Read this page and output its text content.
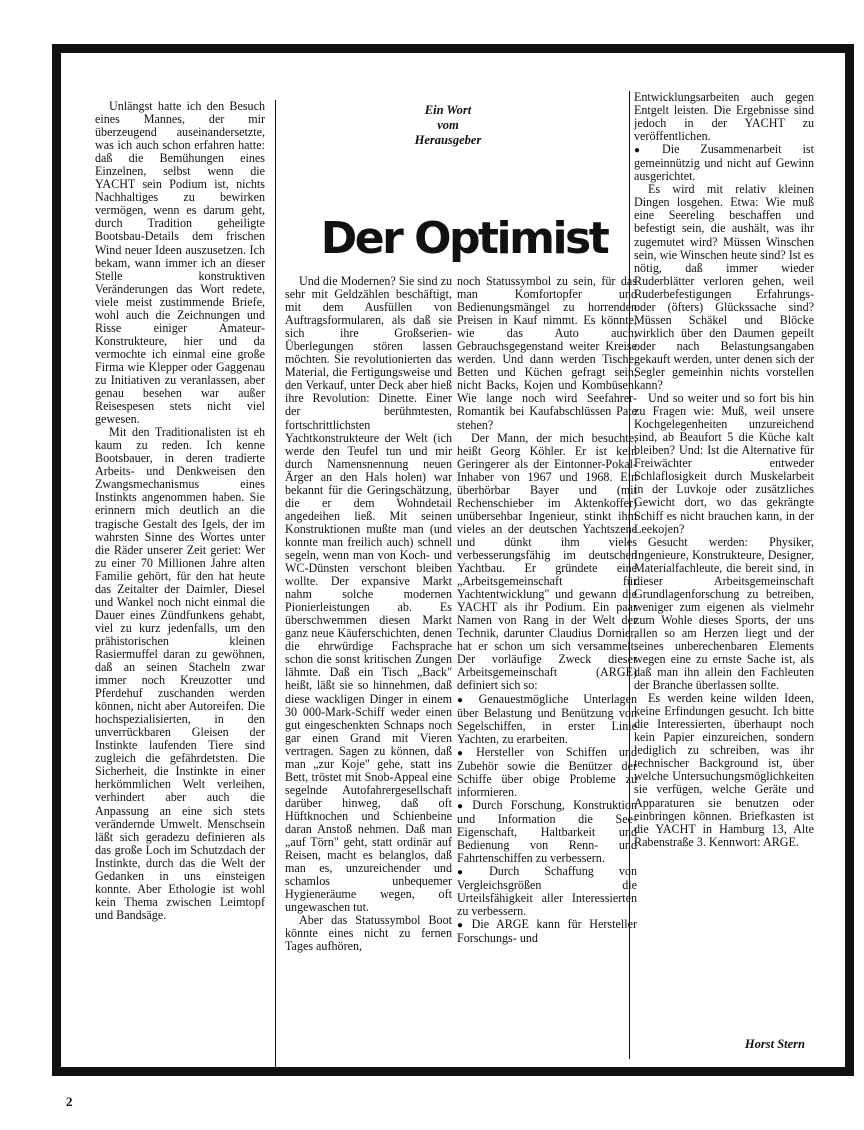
Ein Wort
vom
Herausgeber
Der Optimist

Unlängst hatte ich den Besuch eines Mannes, der mir überzeugend auseinandersetzte, was ich auch schon erfahren hatte: daß die Bemühungen eines Einzelnen, selbst wenn die YACHT sein Podium ist, nichts Nachhaltiges zu bewirken vermögen, wenn es darum geht, durch Tradition geheiligte Bootsbau-Details dem frischen Wind neuer Ideen auszusetzen. Ich bekam, wann immer ich an dieser Stelle konstruktiven Veränderungen das Wort redete, viele meist zustimmende Briefe, wohl auch die Zeichnungen und Risse einiger Amateur-Konstrukteure, hier und da vermochte ich einmal eine große Firma wie Klepper oder Gaggenau zu Initiativen zu veranlassen, aber genau besehen war außer Reisespesen stets nicht viel gewesen.

Mit den Traditionalisten ist eh kaum zu reden. Ich kenne Bootsbauer, in deren tradierte Arbeits- und Denkweisen den Zwangsmechanismus eines Instinkts angenommen haben. Sie erinnern mich deutlich an die tragische Gestalt des Igels, der im wahrsten Sinne des Wortes unter die Räder unserer Zeit geriet: Wer zu einer 70 Millionen Jahre alten Familie gehört, für den hat heute das Zeitalter der Daimler, Diesel und Wankel noch nicht einmal die Dauer eines Zündfunkens gehabt, viel zu kurz jedenfalls, um den prähistorischen kleinen Rasiermuffel daran zu gewöhnen, daß an seinen Stacheln zwar immer noch Kreuzotter und Pferdehuf zuschanden werden können, nicht aber Autoreifen. Die hochspezialisierten, in den unverrückbaren Gleisen der Instinkte laufenden Tiere sind zugleich die gefährdetsten. Die Sicherheit, die Instinkte in einer herkömmlichen Welt verleihen, verhindert aber auch die Anpassung an eine sich stets verändernde Umwelt. Menschsein läßt sich geradezu definieren als das große Loch im Schutzdach der Instinkte, durch das die Welt der Gedanken in uns einsteigen konnte. Aber Ethologie ist wohl kein Thema zwischen Leimtopf und Bandsäge.

Und die Modernen? Sie sind zu sehr mit Geldzählen beschäftigt, mit dem Ausfüllen von Auftragsformularen, als daß sie sich ihre Großserien-Überlegungen stören lassen möchten. Sie revolutionierten das Material, die Fertigungsweise und den Verkauf, unter Deck aber hieß ihre Revolution: Dinette. Einer der berühmtesten, fortschrittlichsten Yachtkonstrukteure der Welt (ich werde den Teufel tun und mir durch Namensnennung neuen Ärger an den Hals holen) war bekannt für die Geringschätzung, die er dem Wohndetail angedeihen ließ. Mit seinen Konstruktionen mußte man (und konnte man freilich auch) schnell segeln, wenn man von Koch- und WC-Dünsten verschont bleiben wollte. Der expansive Markt nahm solche modernen Pionierleistungen ab. Es überschwemmen diesen Markt ganz neue Käuferschichten, denen die ehrwürdige Fachsprache schon die sonst kritischen Zungen lähmte. Daß ein Tisch „Back" heißt, läßt sie so hinnehmen, daß diese wackligen Dinger in einem 30 000-Mark-Schiff weder einen gut eingeschenkten Schnaps noch gar einen Grand mit Vieren vertragen. Sagen zu können, daß man „zur Koje" gehe, statt ins Bett, tröstet mit Snob-Appeal eine segelnde Autofahrergesellschaft darüber hinweg, daß oft Hüftknochen und Schienbeine daran Anstoß nehmen. Daß man „auf Törn" geht, statt ordinär auf Reisen, macht es belanglos, daß man es, unzureichender und schamlos unbequemer Hygieneräume wegen, oft ungewaschen tut.

Aber das Statussymbol Boot könnte eines nicht zu fernen Tages aufhören,

noch Statussymbol zu sein, für das man Komfortopfer und Bedienungsmängel zu horrenden Preisen in Kauf nimmt. Es könnte, wie das Auto auch, Gebrauchsgegenstand weiter Kreise werden. Und dann werden Tische, Betten und Küchen gefragt sein, nicht Backs, Kojen und Kombüsen. Wie lange noch wird Seefahrer-Romantik bei Kaufabschlüssen Pate stehen?

Der Mann, der mich besuchte, heißt Georg Köhler. Er ist kein Geringerer als der Eintonner-Pokal-Inhaber von 1967 und 1968. Ein überhörbar Bayer und (mit Rechenschieber im Aktenkoffer) unübersehbar Ingenieur, stinkt ihm vieles an der deutschen Yachtszene und dünkt ihm vieles verbesserungsfähig im deutschen Yachtbau. Er gründete eine „Arbeitsgemeinschaft für Yachtentwicklung" und gewann die YACHT als ihr Podium. Ein paar Namen von Rang in der Welt der Technik, darunter Claudius Dornier, hat er schon um sich versammelt. Der vorläufige Zweck dieser Arbeitsgemeinschaft (ARGE) definiert sich so:

● Genauestmögliche Unterlagen über Belastung und Benützung von Segelschiffen, in erster Linie Yachten, zu erarbeiten.

● Hersteller von Schiffen und Zubehör sowie die Benützer der Schiffe über obige Probleme zu informieren.

● Durch Forschung, Konstruktion und Information die See-Eigenschaft, Haltbarkeit und Bedienung von Renn- und Fahrtenschiffen zu verbessern.

● Durch Schaffung von Vergleichsgrößen die Urteilsfähigkeit aller Interessierten zu verbessern.

● Die ARGE kann für Hersteller Forschungs- und

Entwicklungsarbeiten auch gegen Entgelt leisten. Die Ergebnisse sind jedoch in der YACHT zu veröffentlichen.

● Die Zusammenarbeit ist gemeinnützig und nicht auf Gewinn ausgerichtet.

Es wird mit relativ kleinen Dingen losgehen. Etwa: Wie muß eine Seereling beschaffen und befestigt sein, die aushält, was ihr zugemutet wird? Müssen Winschen sein, wie Winschen heute sind? Ist es nötig, daß immer wieder Ruderblätter verloren gehen, weil Ruderbefestigungen Erfahrungs- oder (öfters) Glückssache sind? Müssen Schäkel und Blöcke wirklich über den Daumen gepeilt oder nach Belastungsangaben gekauft werden, unter denen sich der Segler gemeinhin nichts vorstellen kann?

Und so weiter und so fort bis hin zu Fragen wie: Muß, weil unsere Kochgelegenheiten unzureichend sind, ab Beaufort 5 die Küche kalt bleiben? Und: Ist die Alternative für Freiwächter entweder Schlaflosigkeit durch Muskelarbeit in der Luvkoje oder zusätzliches Gewicht dort, wo das gekrängte Schiff es nicht brauchen kann, in der Leekojen?

Gesucht werden: Physiker, Ingenieure, Konstrukteure, Designer, Materialfachleute, die bereit sind, in dieser Arbeitsgemeinschaft Grundlagenforschung zu betreiben, weniger zum eigenen als vielmehr zum Wohle dieses Sports, der uns allen so am Herzen liegt und der seines unberechenbaren Elements wegen eine zu ernste Sache ist, als daß man ihn allein den Fachleuten der Branche überlassen sollte.

Es werden keine wilden Ideen, keine Erfindungen gesucht. Ich bitte die Interessierten, überhaupt noch kein Papier einzureichen, sondern lediglich zu schreiben, was ihr technischer Background ist, über welche Untersuchungsmöglichkeiten sie verfügen, welche Geräte und Apparaturen sie benutzen oder einbringen können. Briefkasten ist die YACHT in Hamburg 13, Alte Rabenstraße 3. Kennwort: ARGE.

Horst Stern
2
